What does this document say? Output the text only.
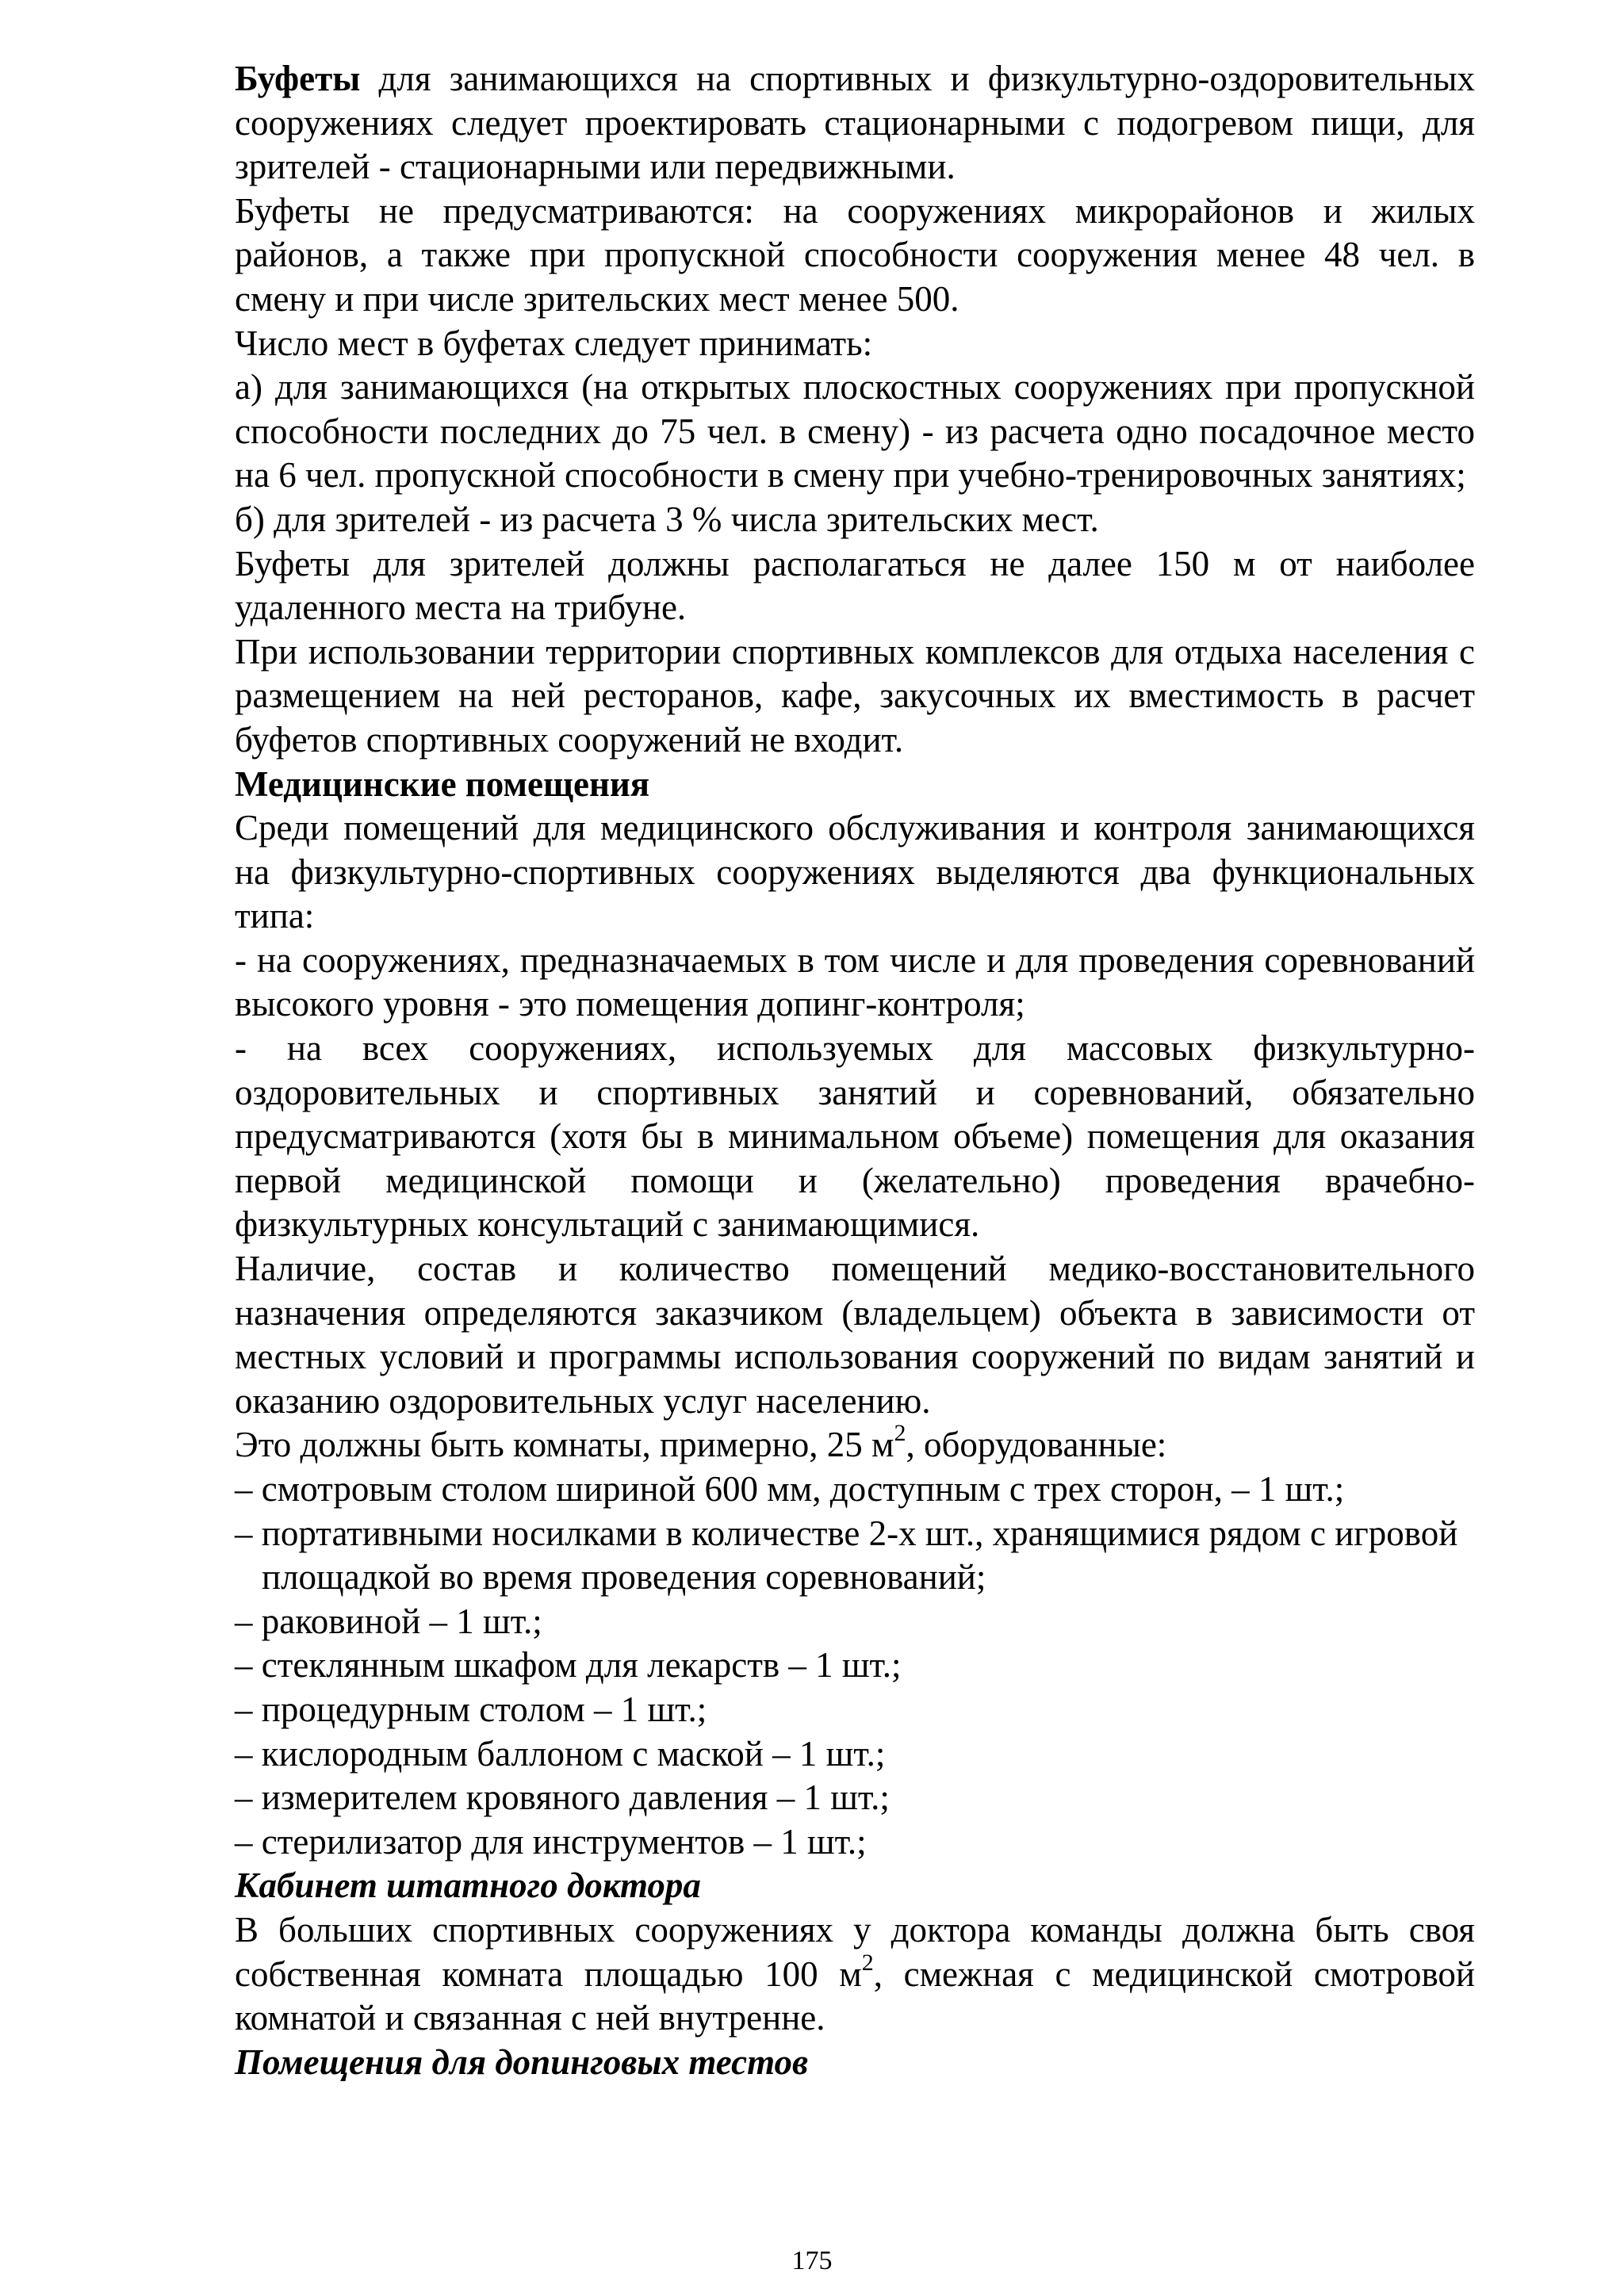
Буфеты для занимающихся на спортивных и физкультурно-оздоровительных сооружениях следует проектировать стационарными с подогревом пищи, для зрителей - стационарными или передвижными.

Буфеты не предусматриваются: на сооружениях микрорайонов и жилых районов, а также при пропускной способности сооружения менее 48 чел. в смену и при числе зрительских мест менее 500.

Число мест в буфетах следует принимать:

а) для занимающихся (на открытых плоскостных сооружениях при пропускной способности последних до 75 чел. в смену) - из расчета одно посадочное место на 6 чел. пропускной способности в смену при учебно-тренировочных занятиях;

б) для зрителей - из расчета 3 % числа зрительских мест.

Буфеты для зрителей должны располагаться не далее 150 м от наиболее удаленного места на трибуне.

При использовании территории спортивных комплексов для отдыха населения с размещением на ней ресторанов, кафе, закусочных их вместимость в расчет буфетов спортивных сооружений не входит.

Медицинские помещения

Среди помещений для медицинского обслуживания и контроля занимающихся на физкультурно-спортивных сооружениях выделяются два функциональных типа:

- на сооружениях, предназначаемых в том числе и для проведения соревнований высокого уровня - это помещения допинг-контроля;

- на всех сооружениях, используемых для массовых физкультурно-оздоровительных и спортивных занятий и соревнований, обязательно предусматриваются (хотя бы в минимальном объеме) помещения для оказания первой медицинской помощи и (желательно) проведения врачебно-физкультурных консультаций с занимающимися.

Наличие, состав и количество помещений медико-восстановительного назначения определяются заказчиком (владельцем) объекта в зависимости от местных условий и программы использования сооружений по видам занятий и оказанию оздоровительных услуг населению.

Это должны быть комнаты, примерно, 25 $м^2$, оборудованные:

– смотровым столом шириной 600 мм, доступным с трех сторон, – 1 шт.;

– портативными носилками в количестве 2-х шт., хранящимися рядом с игровой площадкой во время проведения соревнований;

– раковиной – 1 шт.;

– стеклянным шкафом для лекарств – 1 шт.;

– процедурным столом – 1 шт.;

– кислородным баллоном с маской – 1 шт.;

– измерителем кровяного давления – 1 шт.;

– стерилизатор для инструментов – 1 шт.;

Кабинет штатного доктора

В больших спортивных сооружениях у доктора команды должна быть своя собственная комната площадью 100 $м^2$, смежная с медицинской смотровой комнатой и связанная с ней внутренне.

Помещения для допинговых тестов

175
